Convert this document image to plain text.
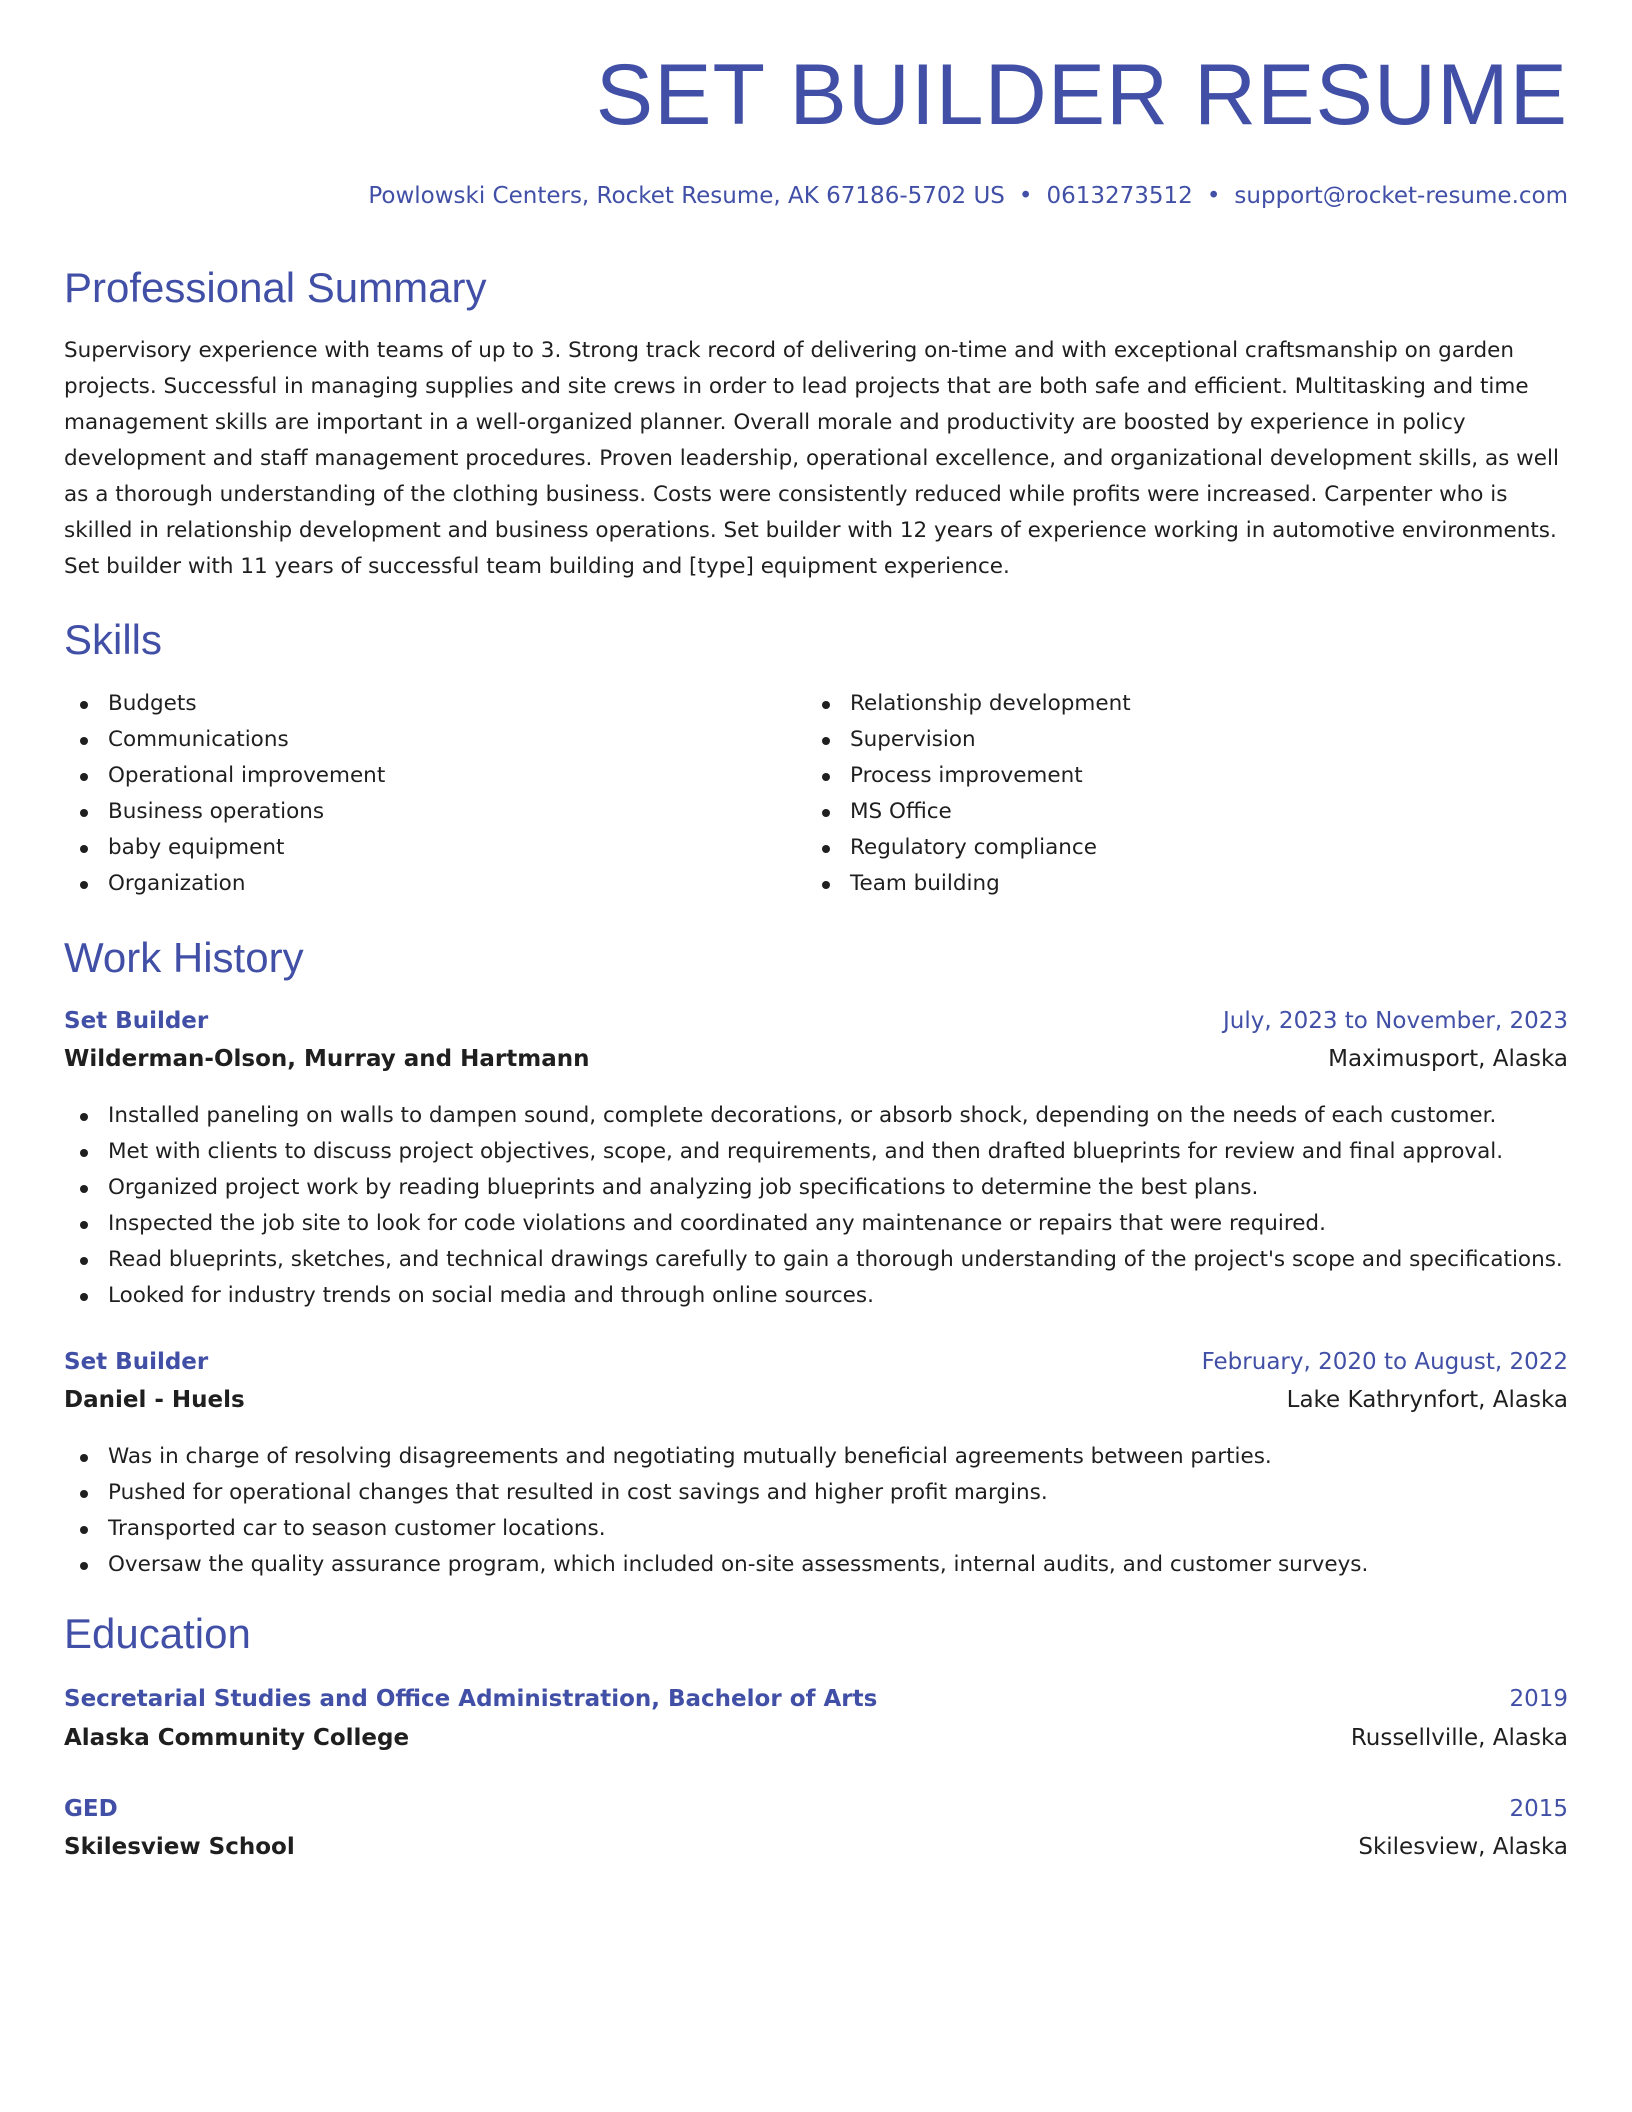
SET BUILDER RESUME
Powlowski Centers, Rocket Resume, AK 67186-5702 US • 0613273512 • support@rocket-resume.com
Professional Summary

Supervisory experience with teams of up to 3. Strong track record of delivering on-time and with exceptional craftsmanship on garden projects. Successful in managing supplies and site crews in order to lead projects that are both safe and efficient. Multitasking and time management skills are important in a well-organized planner. Overall morale and productivity are boosted by experience in policy development and staff management procedures. Proven leadership, operational excellence, and organizational development skills, as well as a thorough understanding of the clothing business. Costs were consistently reduced while profits were increased. Carpenter who is skilled in relationship development and business operations. Set builder with 12 years of experience working in automotive environments. Set builder with 11 years of successful team building and [type] equipment experience.

Skills
Budgets
Communications
Operational improvement
Business operations
baby equipment
Organization
Relationship development
Supervision
Process improvement
MS Office
Regulatory compliance
Team building
Work History
Set Builder	July, 2023 to November, 2023
Wilderman-Olson, Murray and Hartmann	Maximusport, Alaska
Installed paneling on walls to dampen sound, complete decorations, or absorb shock, depending on the needs of each customer.
Met with clients to discuss project objectives, scope, and requirements, and then drafted blueprints for review and final approval.
Organized project work by reading blueprints and analyzing job specifications to determine the best plans.
Inspected the job site to look for code violations and coordinated any maintenance or repairs that were required.
Read blueprints, sketches, and technical drawings carefully to gain a thorough understanding of the project's scope and specifications.
Looked for industry trends on social media and through online sources.
Set Builder	February, 2020 to August, 2022
Daniel - Huels	Lake Kathrynfort, Alaska
Was in charge of resolving disagreements and negotiating mutually beneficial agreements between parties.
Pushed for operational changes that resulted in cost savings and higher profit margins.
Transported car to season customer locations.
Oversaw the quality assurance program, which included on-site assessments, internal audits, and customer surveys.
Education
Secretarial Studies and Office Administration, Bachelor of Arts	2019
Alaska Community College	Russellville, Alaska
GED	2015
Skilesview School	Skilesview, Alaska
